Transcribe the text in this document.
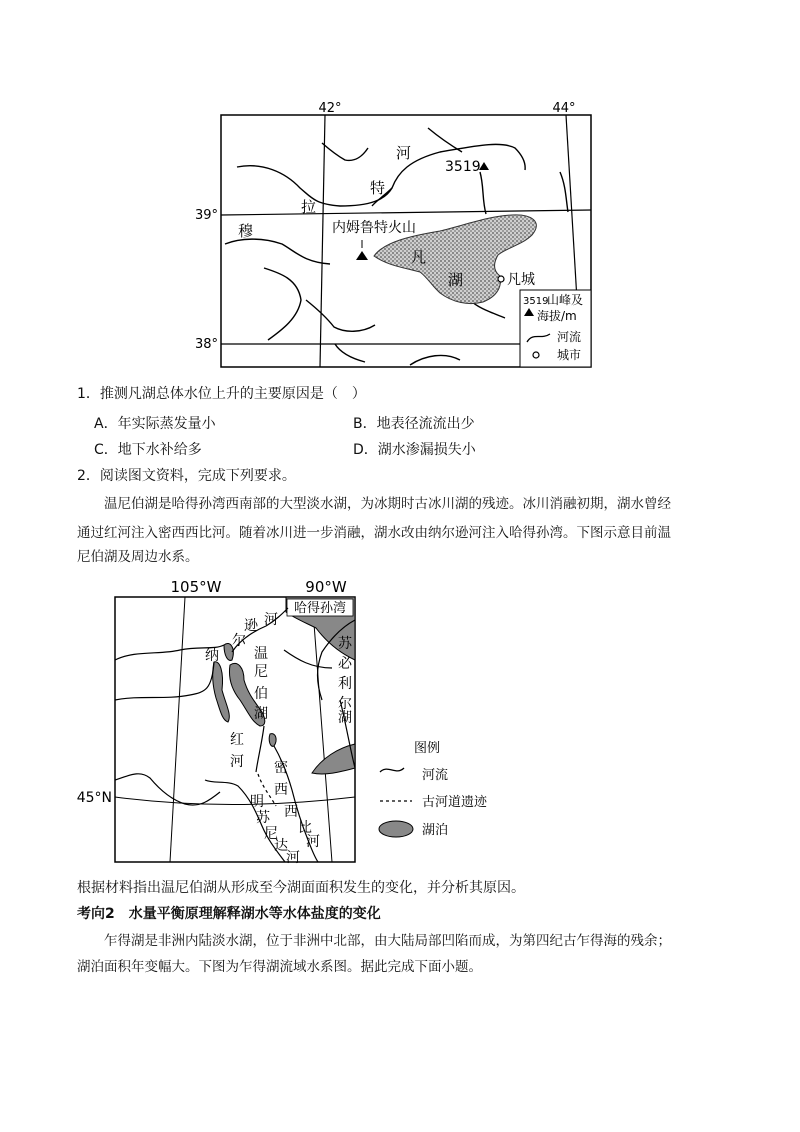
42°	44°
39°
38°
河
特
拉
穆	内姆鲁特火山
3519
凡
湖	凡城
3519
山峰及
海拔/m
河流
城市
1．推测凡湖总体水位上升的主要原因是（　）
A．年实际蒸发量小	B．地表径流流出少
C．地下水补给多	D．湖水渗漏损失小
2．阅读图文资料，完成下列要求。
温尼伯湖是哈得孙湾西南部的大型淡水湖，为冰期时古冰川湖的残迹。冰川消融初期，湖水曾经
通过红河注入密西西比河。随着冰川进一步消融，湖水改由纳尔逊河注入哈得孙湾。下图示意目前温
尼伯湖及周边水系。
105°W	90°W
45°N
哈得孙湾
河
逊
尔
纳	温
尼
伯
湖
苏
必
利
尔
湖
红
河 密
西
西
比
河
明
苏
尼
达
河
图例
河流
古河道遗迹
湖泊
根据材料指出温尼伯湖从形成至今湖面面积发生的变化，并分析其原因。
考向2　水量平衡原理解释湖水等水体盐度的变化
乍得湖是非洲内陆淡水湖，位于非洲中北部，由大陆局部凹陷而成，为第四纪古乍得海的残余；
湖泊面积年变幅大。下图为乍得湖流域水系图。据此完成下面小题。
